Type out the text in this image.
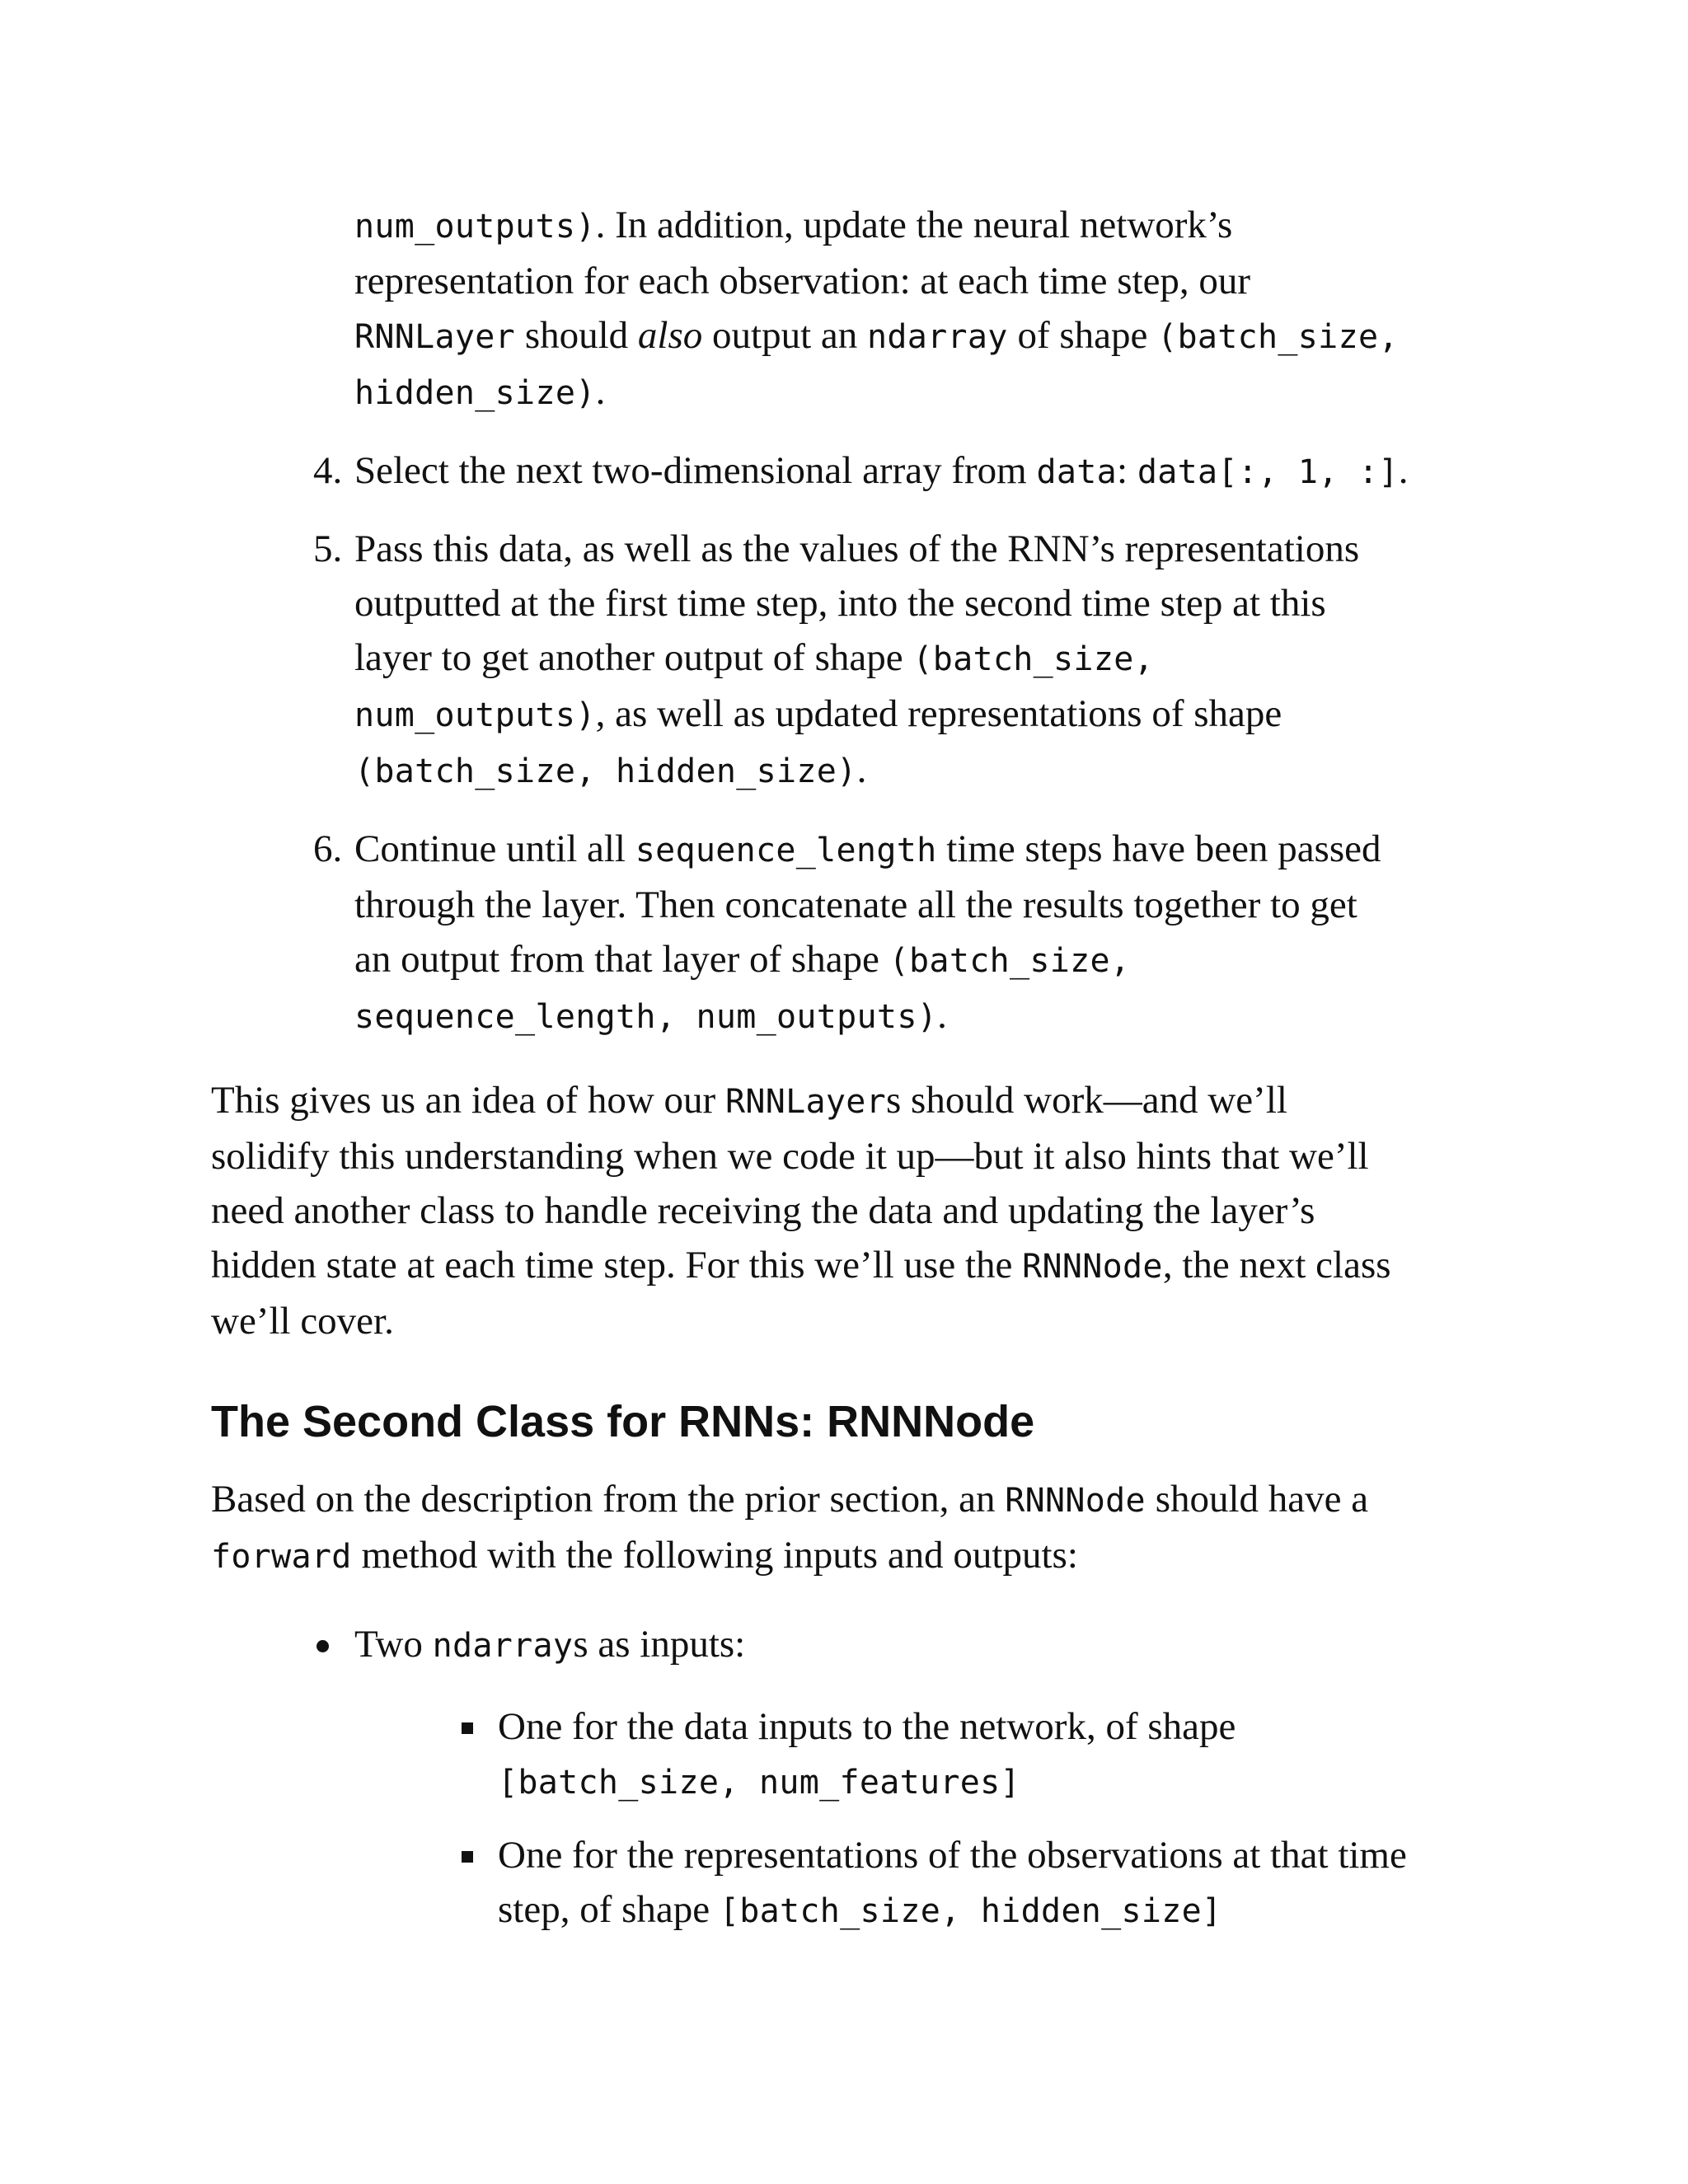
num_outputs). In addition, update the neural network’s
representation for each observation: at each time step, our
RNNLayer should also output an ndarray of shape (batch_size,
hidden_size).
4. Select the next two-dimensional array from data: data[:, 1, :].
5. Pass this data, as well as the values of the RNN’s representations
outputted at the first time step, into the second time step at this
layer to get another output of shape (batch_size,
num_outputs), as well as updated representations of shape
(batch_size, hidden_size).
6. Continue until all sequence_length time steps have been passed
through the layer. Then concatenate all the results together to get
an output from that layer of shape (batch_size,
sequence_length, num_outputs).
This gives us an idea of how our RNNLayers should work—and we’ll
solidify this understanding when we code it up—but it also hints that we’ll
need another class to handle receiving the data and updating the layer’s
hidden state at each time step. For this we’ll use the RNNNode, the next class
we’ll cover.
The Second Class for RNNs: RNNNode
Based on the description from the prior section, an RNNNode should have a
forward method with the following inputs and outputs:
Two ndarrays as inputs:
One for the data inputs to the network, of shape
[batch_size, num_features]
One for the representations of the observations at that time
step, of shape [batch_size, hidden_size]
